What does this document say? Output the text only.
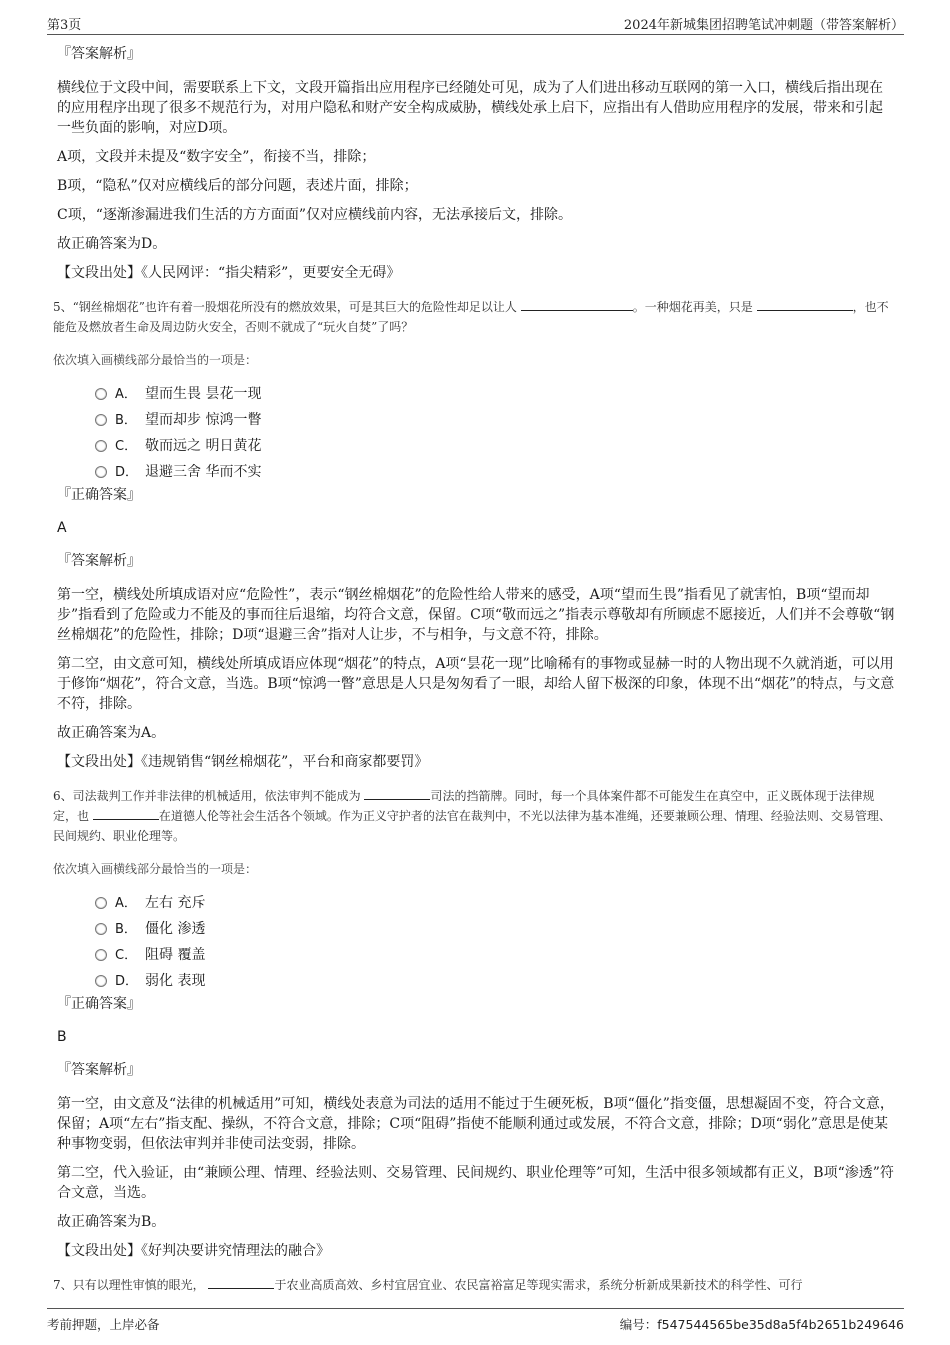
第3页	2024年新城集团招聘笔试冲刺题（带答案解析）

『答案解析』

横线位于文段中间，需要联系上下文，文段开篇指出应用程序已经随处可见，成为了人们进出移动互联网的第一入口，横线后指出现在的应用程序出现了很多不规范行为，对用户隐私和财产安全构成威胁，横线处承上启下，应指出有人借助应用程序的发展，带来和引起一些负面的影响，对应D项。

A项，文段并未提及“数字安全”，衔接不当，排除；

B项，“隐私”仅对应横线后的部分问题，表述片面，排除；

C项，“逐渐渗漏进我们生活的方方面面”仅对应横线前内容，无法承接后文，排除。

故正确答案为D。

【文段出处】《人民网评：“指尖精彩”，更要安全无碍》

5、“钢丝棉烟花”也许有着一股烟花所没有的燃放效果，可是其巨大的危险性却足以让人	。一种烟花再美，只是	，也不能危及燃放者生命及周边防火安全，否则不就成了“玩火自焚”了吗？

依次填入画横线部分最恰当的一项是：

A． 望而生畏 昙花一现
B． 望而却步 惊鸿一瞥
C． 敬而远之 明日黄花
D． 退避三舍 华而不实

『正确答案』

A

『答案解析』

第一空，横线处所填成语对应“危险性”，表示“钢丝棉烟花”的危险性给人带来的感受，A项“望而生畏”指看见了就害怕，B项“望而却步”指看到了危险或力不能及的事而往后退缩，均符合文意，保留。C项“敬而远之”指表示尊敬却有所顾虑不愿接近，人们并不会尊敬“钢丝棉烟花”的危险性，排除；D项“退避三舍”指对人让步，不与相争，与文意不符，排除。

第二空，由文意可知，横线处所填成语应体现“烟花”的特点，A项“昙花一现”比喻稀有的事物或显赫一时的人物出现不久就消逝，可以用于修饰“烟花”，符合文意，当选。B项“惊鸿一瞥”意思是人只是匆匆看了一眼，却给人留下极深的印象，体现不出“烟花”的特点，与文意不符，排除。

故正确答案为A。

【文段出处】《违规销售“钢丝棉烟花”，平台和商家都要罚》

6、司法裁判工作并非法律的机械适用，依法审判不能成为	司法的挡箭牌。同时，每一个具体案件都不可能发生在真空中，正义既体现于法律规定，也	在道德人伦等社会生活各个领域。作为正义守护者的法官在裁判中，不光以法律为基本准绳，还要兼顾公理、情理、经验法则、交易管理、民间规约、职业伦理等。

依次填入画横线部分最恰当的一项是：

A． 左右 充斥
B． 僵化 渗透
C． 阻碍 覆盖
D． 弱化 表现

『正确答案』

B

『答案解析』

第一空，由文意及“法律的机械适用”可知，横线处表意为司法的适用不能过于生硬死板，B项“僵化”指变僵，思想凝固不变，符合文意，保留；A项“左右”指支配、操纵，不符合文意，排除；C项“阻碍”指使不能顺利通过或发展，不符合文意，排除；D项“弱化”意思是使某种事物变弱，但依法审判并非使司法变弱，排除。

第二空，代入验证，由“兼顾公理、情理、经验法则、交易管理、民间规约、职业伦理等”可知，生活中很多领域都有正义，B项“渗透”符合文意，当选。

故正确答案为B。

【文段出处】《好判决要讲究情理法的融合》

7、只有以理性审慎的眼光，	于农业高质高效、乡村宜居宜业、农民富裕富足等现实需求，系统分析新成果新技术的科学性、可行

考前押题，上岸必备	编号：f547544565be35d8a5f4b2651b249646
